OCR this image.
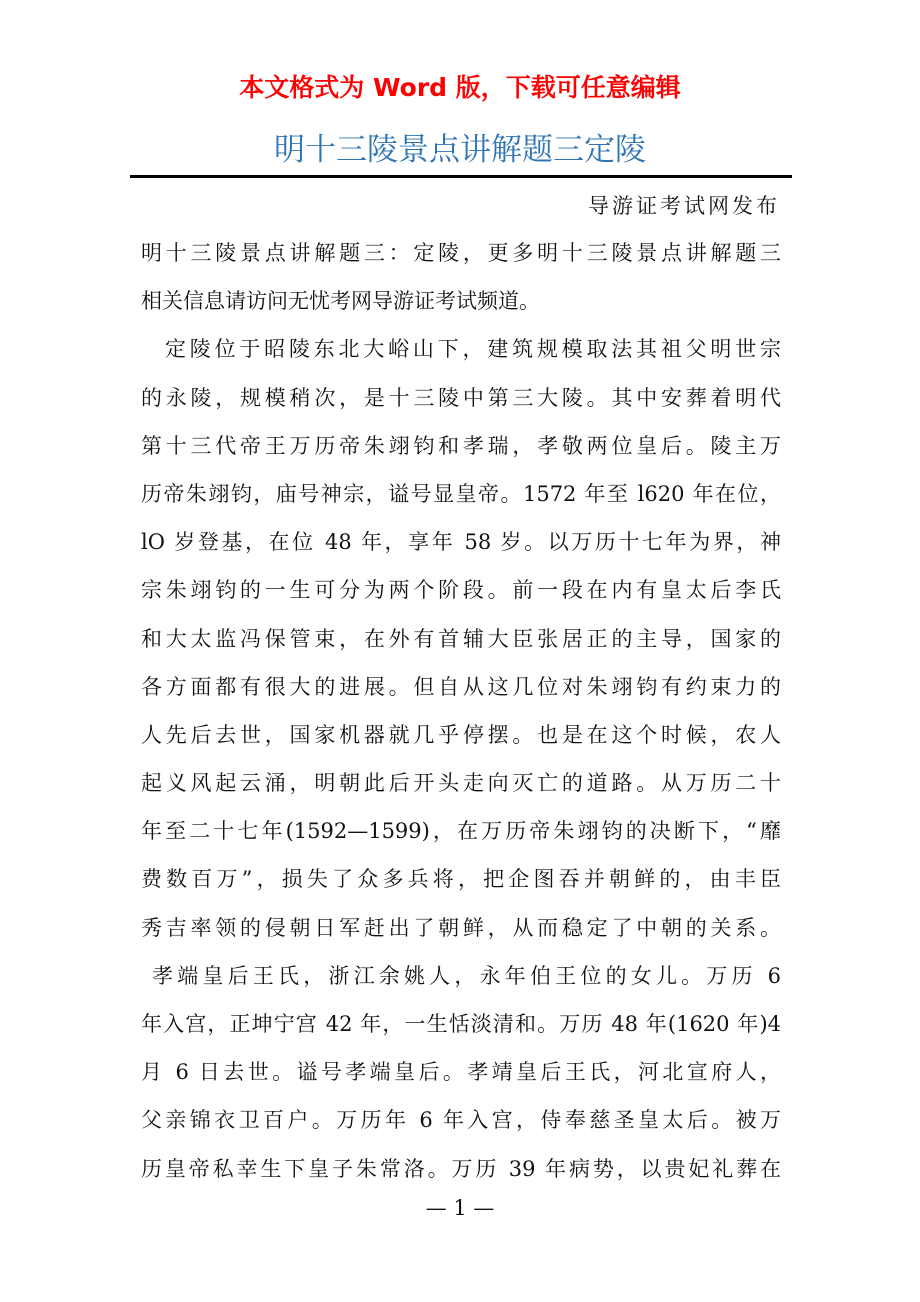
本文格式为 Word 版，下载可任意编辑
明十三陵景点讲解题三定陵
导游证考试网发布
明十三陵景点讲解题三：定陵，更多明十三陵景点讲解题三
相关信息请访问无忧考网导游证考试频道。
定陵位于昭陵东北大峪山下，建筑规模取法其祖父明世宗
的永陵，规模稍次，是十三陵中第三大陵。其中安葬着明代
第十三代帝王万历帝朱翊钧和孝瑞，孝敬两位皇后。陵主万
历帝朱翊钧，庙号神宗，谥号显皇帝。1572 年至 l620 年在位，
lO 岁登基，在位 48 年，享年 58 岁。以万历十七年为界，神
宗朱翊钧的一生可分为两个阶段。前一段在内有皇太后李氏
和大太监冯保管束，在外有首辅大臣张居正的主导，国家的
各方面都有很大的进展。但自从这几位对朱翊钧有约束力的
人先后去世，国家机器就几乎停摆。也是在这个时候，农人
起义风起云涌，明朝此后开头走向灭亡的道路。从万历二十
年至二十七年(1592—1599)，在万历帝朱翊钧的决断下，“靡
费数百万”，损失了众多兵将，把企图吞并朝鲜的，由丰臣
秀吉率领的侵朝日军赶出了朝鲜，从而稳定了中朝的关系。
孝端皇后王氏，浙江余姚人，永年伯王位的女儿。万历 6
年入宫，正坤宁宫 42 年，一生恬淡清和。万历 48 年(1620 年)4
月 6 日去世。谥号孝端皇后。孝靖皇后王氏，河北宣府人，
父亲锦衣卫百户。万历年 6 年入宫，侍奉慈圣皇太后。被万
历皇帝私幸生下皇子朱常洛。万历 39 年病势，以贵妃礼葬在
— 1 —
